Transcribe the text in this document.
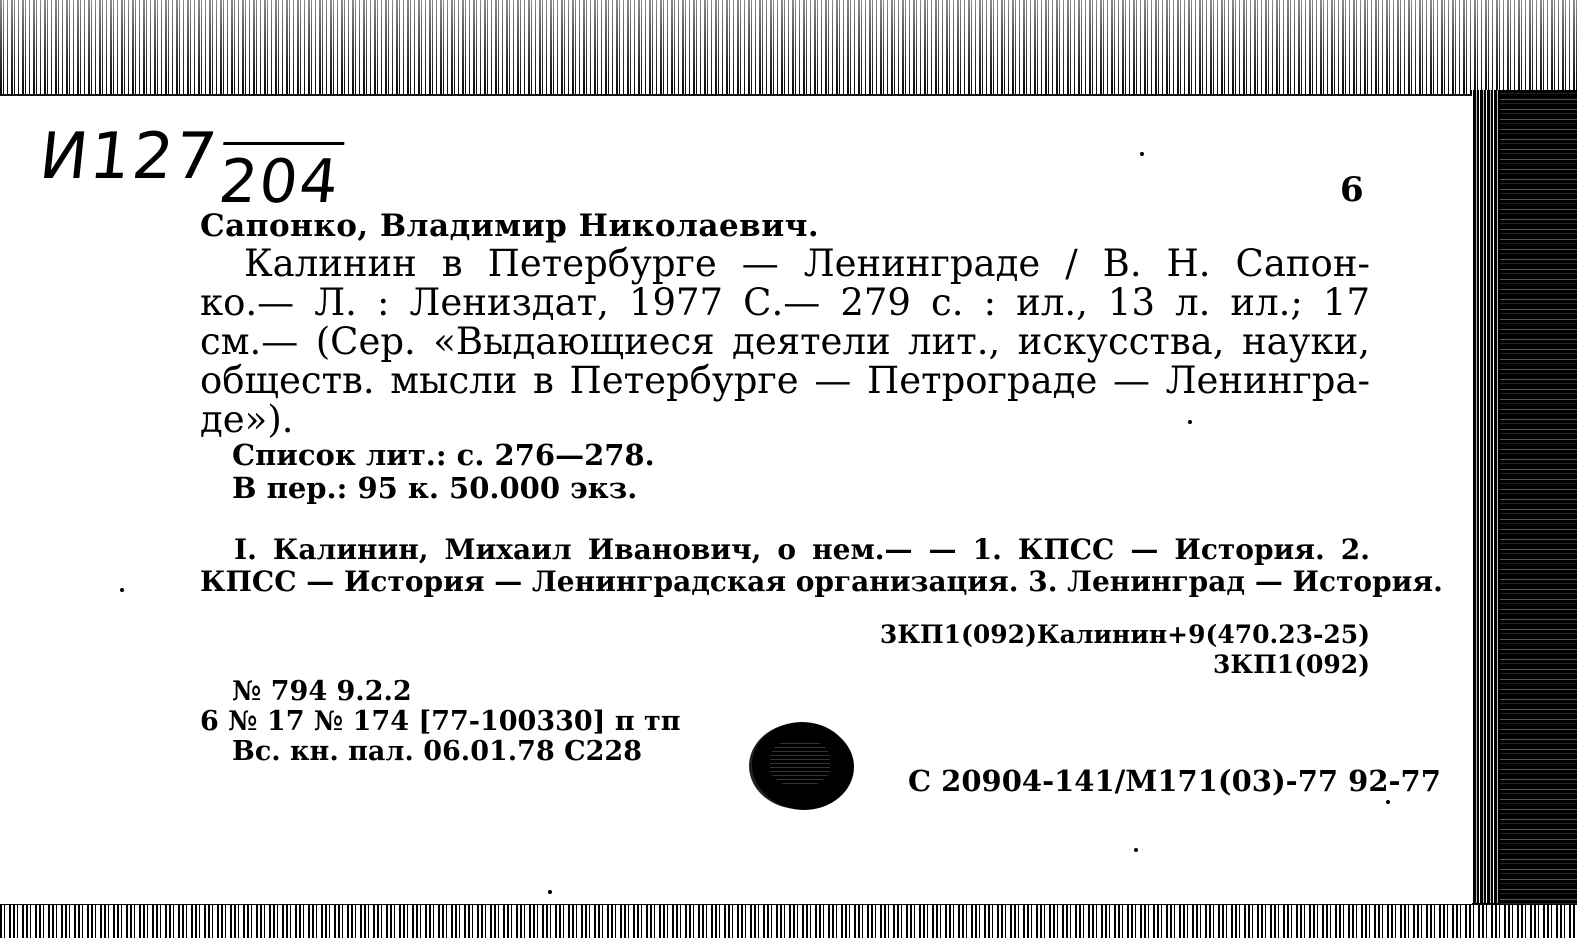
И127204	6
Сапонко, Владимир Николаевич.
Калинин в Петербурге — Ленинграде / В. Н. Сапон-
ко.— Л. : Лениздат, 1977 С.— 279 с. : ил., 13 л. ил.; 17
см.— (Сер. «Выдающиеся деятели лит., искусства, науки,
обществ. мысли в Петербурге — Петрограде — Ленингра-
де»).
Список лит.: с. 276—278.
В пер.: 95 к. 50.000 экз.
I. Калинин, Михаил Иванович, о нем.— — 1. КПСС — История. 2.
КПСС — История — Ленинградская организация. 3. Ленинград — История.
3КП1(092)Калинин+9(470.23-25)
3КП1(092)
№ 794 9.2.2
6 № 17 № 174 [77-100330] п тп
Вс. кн. пал. 06.01.78 С228
С 20904-141/М171(03)-77 92-77
